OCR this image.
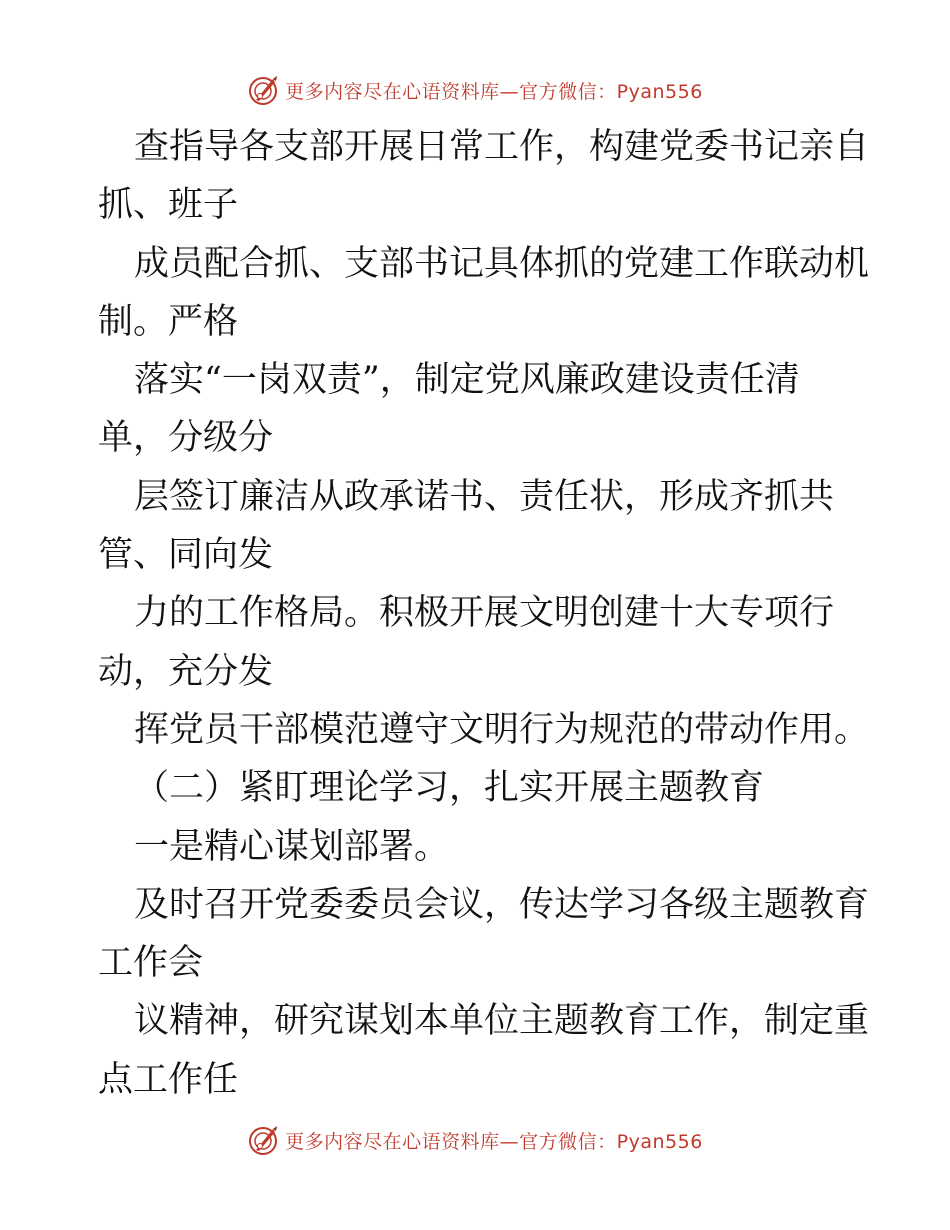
更多内容尽在心语资料库—官方微信：Pyan556

查指导各支部开展日常工作，构建党委书记亲自

抓、班子

成员配合抓、支部书记具体抓的党建工作联动机

制。严格

落实“一岗双责”，制定党风廉政建设责任清

单，分级分

层签订廉洁从政承诺书、责任状，形成齐抓共

管、同向发

力的工作格局。积极开展文明创建十大专项行

动，充分发

挥党员干部模范遵守文明行为规范的带动作用。

（二）紧盯理论学习，扎实开展主题教育

一是精心谋划部署。

及时召开党委委员会议，传达学习各级主题教育

工作会

议精神，研究谋划本单位主题教育工作，制定重

点工作任

更多内容尽在心语资料库—官方微信：Pyan556
